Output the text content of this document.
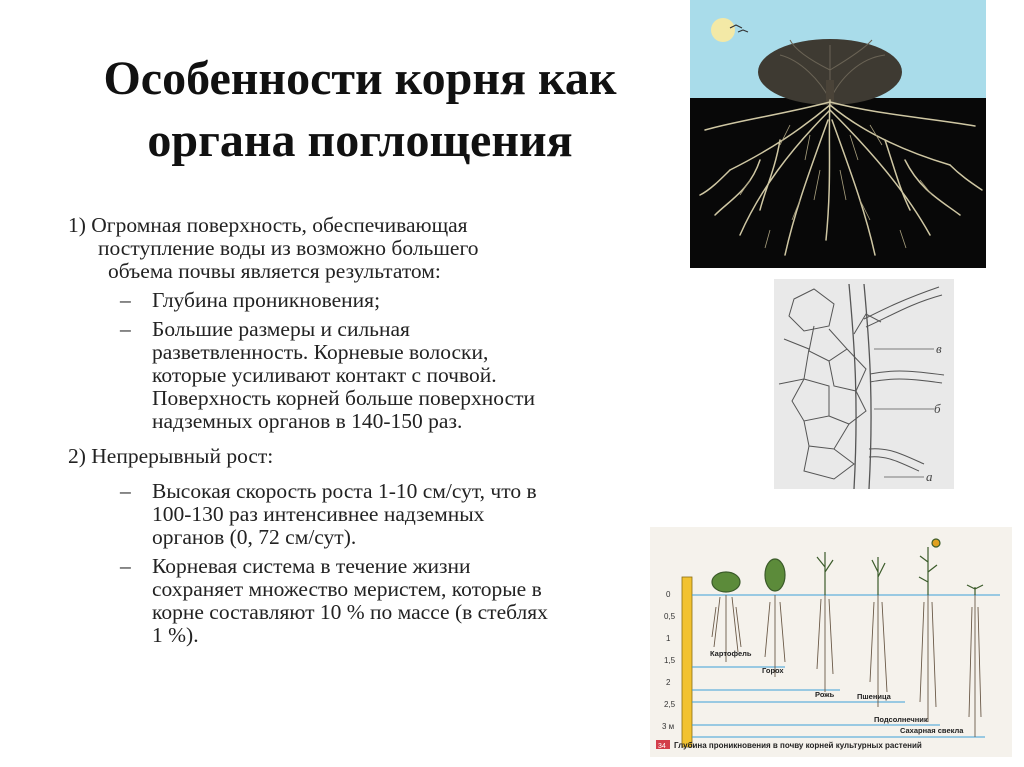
Особенности корня как
органа поглощения
1) Огромная поверхность, обеспечивающая
поступление воды из возможно большего
объема почвы является результатом:
– Глубина проникновения;
– Большие размеры и сильная
разветвленность. Корневые волоски,
которые усиливают контакт с почвой.
Поверхность корней больше поверхности
надземных органов в 140-150 раз.
2) Непрерывный рост:
– Высокая скорость роста 1-10 см/сут, что в
100-130 раз интенсивнее надземных
органов (0, 72 см/сут).
– Корневая система в течение жизни
сохраняет множество меристем, которые в
корне составляют 10 % по массе (в стеблях
1 %).
в
б
а
0
0,5
1
1,5
2
2,5
3 м
Картофель
Горох
Рожь	Пшеница
Подсолнечник
Сахарная свекла
34 Глубина проникновения в почву корней культурных растений
